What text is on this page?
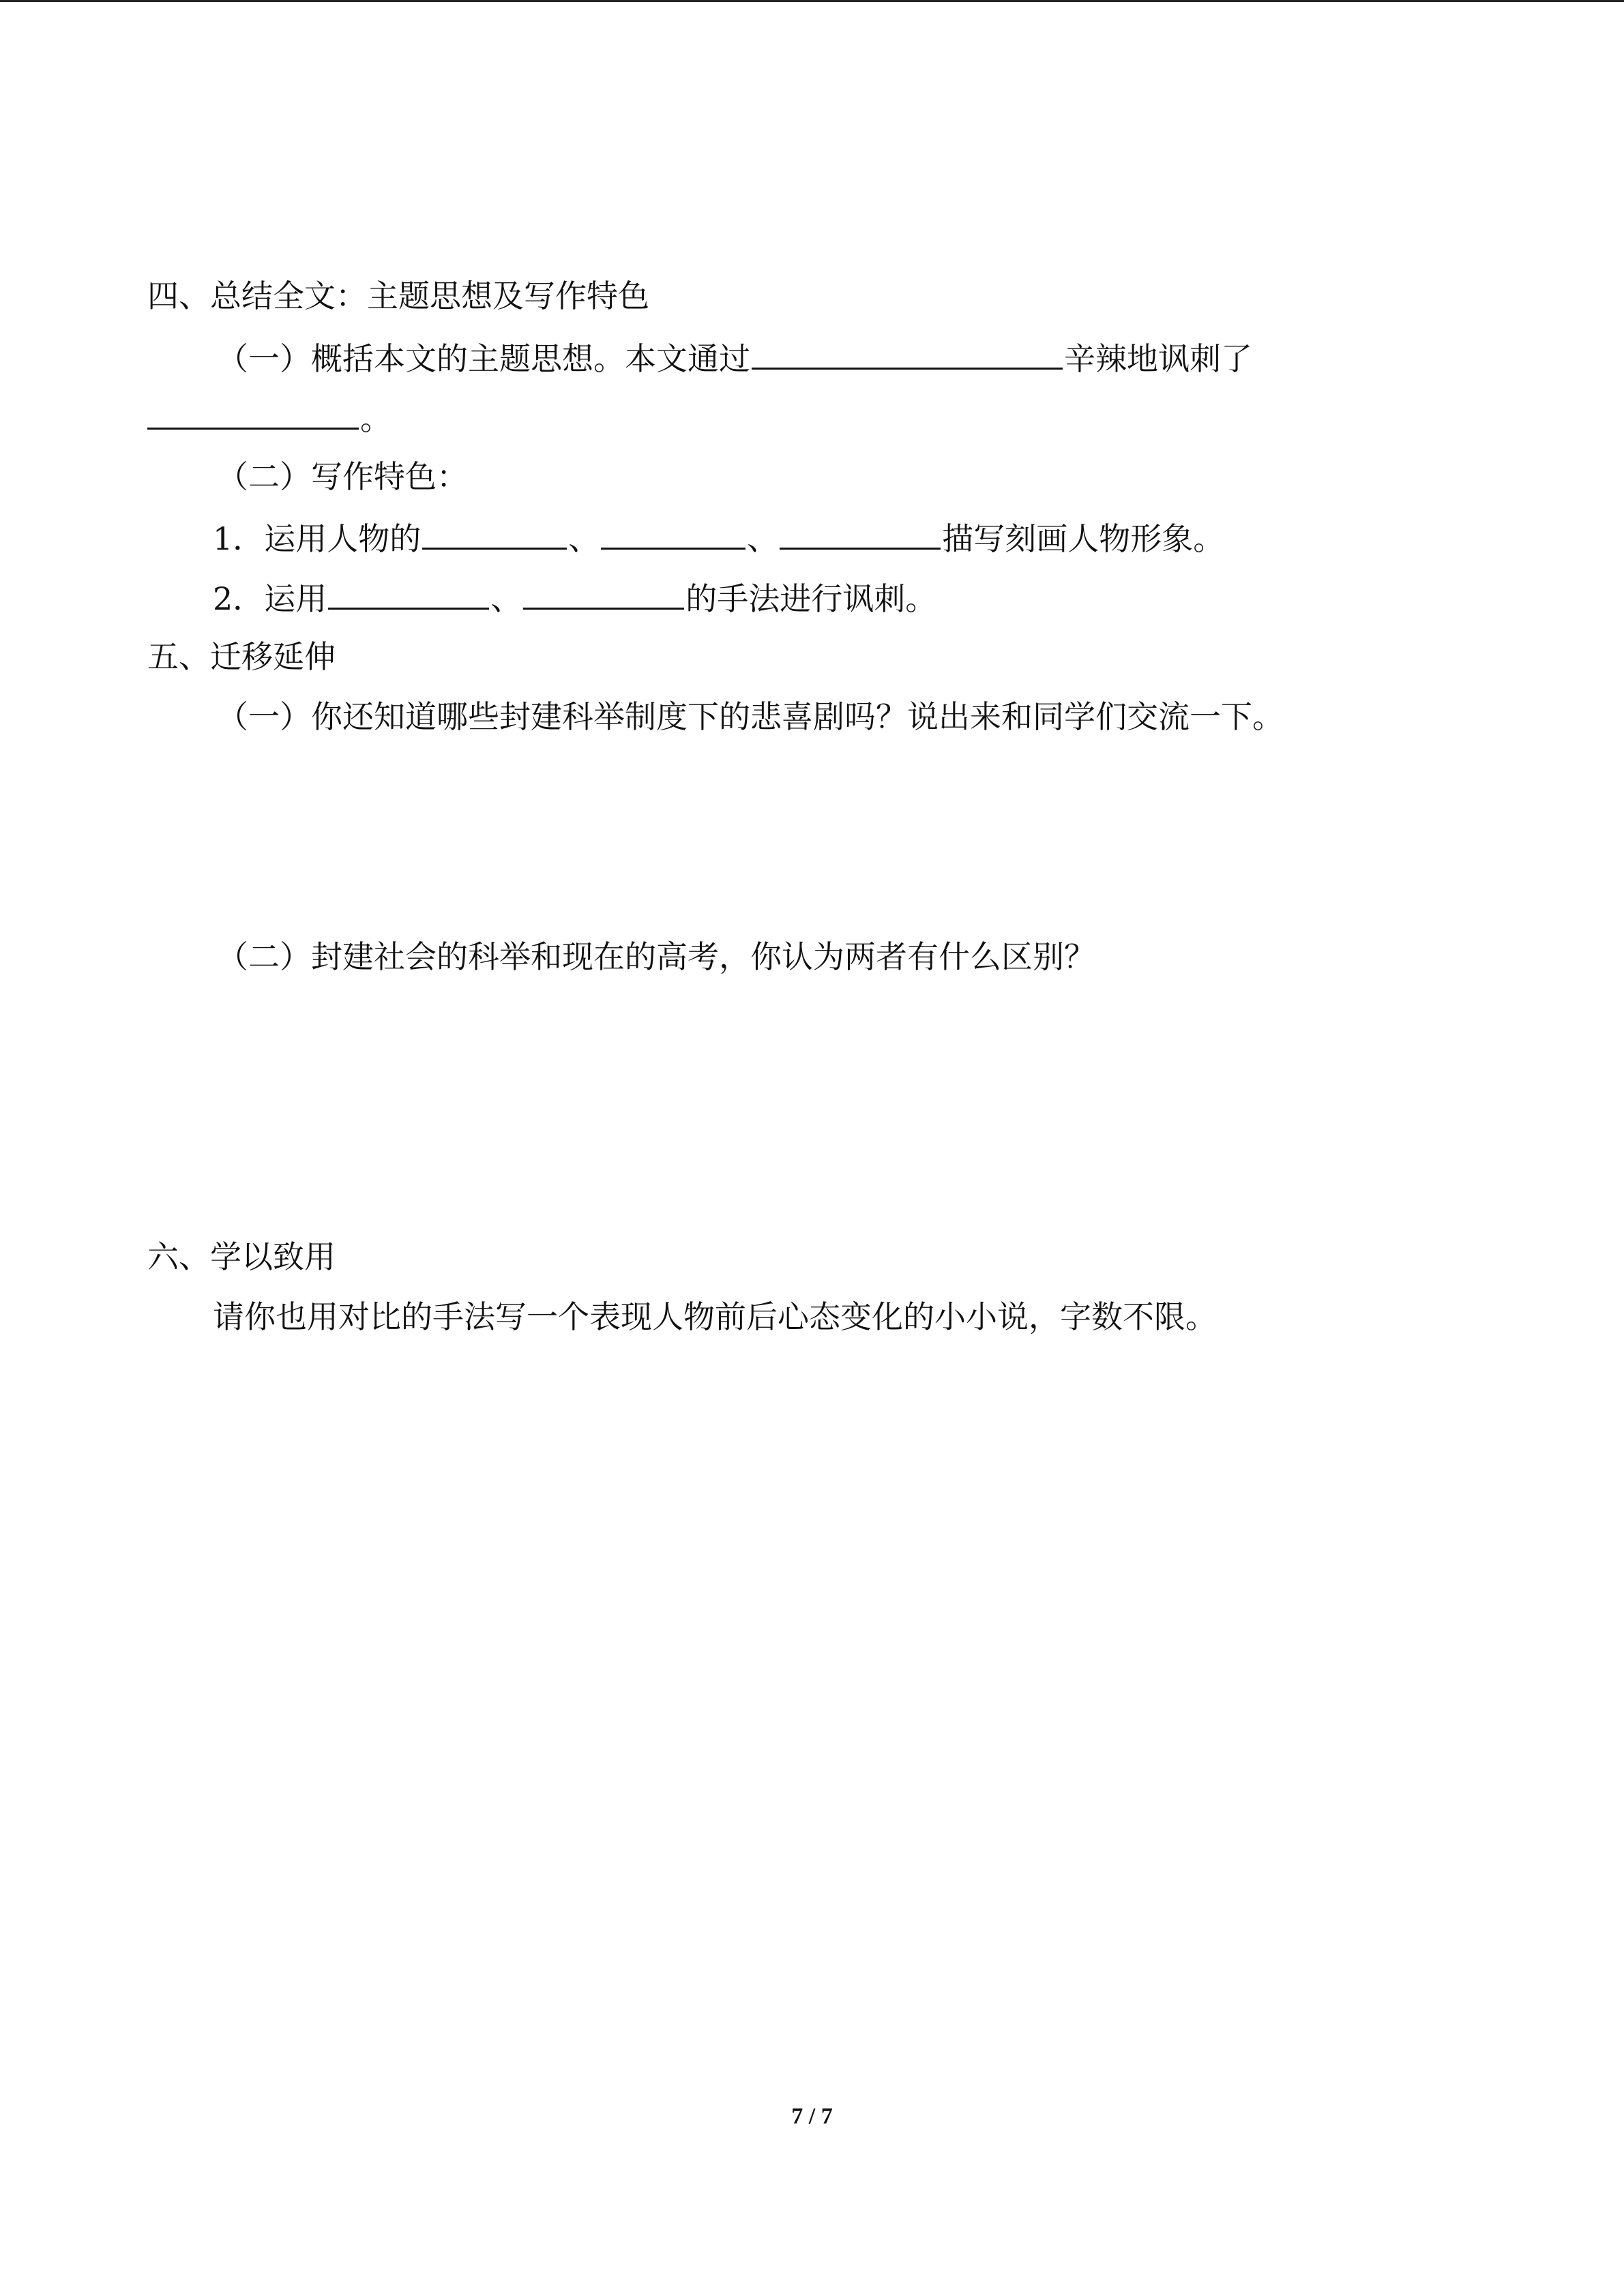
四、总结全文：主题思想及写作特色
（一）概括本文的主题思想。本文通过	辛辣地讽刺了
。
（二）写作特色：
1．运用人物的	、	、	描写刻画人物形象。
2．运用	、	的手法进行讽刺。
五、迁移延伸
（一）你还知道哪些封建科举制度下的悲喜剧吗？说出来和同学们交流一下。
（二）封建社会的科举和现在的高考，你认为两者有什么区别？
六、学以致用
请你也用对比的手法写一个表现人物前后心态变化的小小说，字数不限。
7 / 7
